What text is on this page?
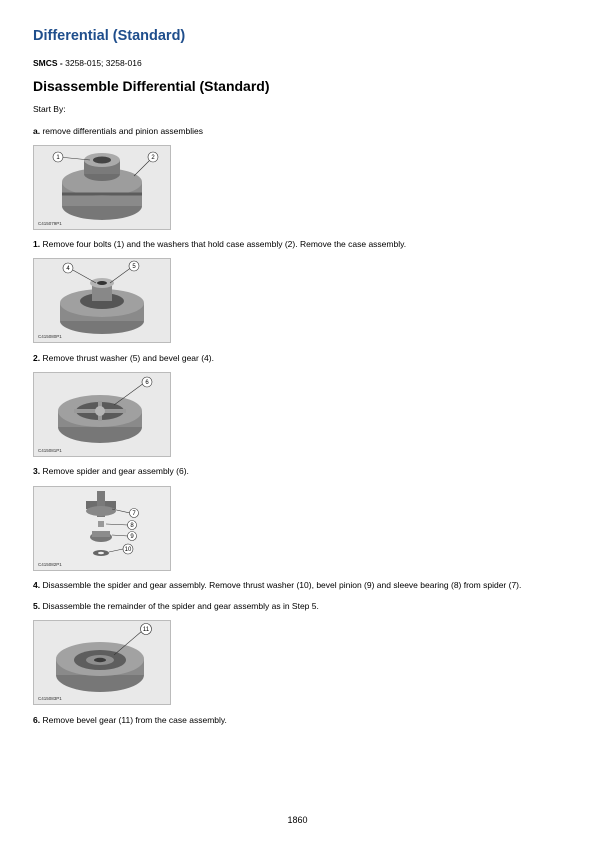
Differential (Standard)
SMCS - 3258-015; 3258-016
Disassemble Differential (Standard)
Start By:
a. remove differentials and pinion assemblies
1	2
C415079P1
1. Remove four bolts (1) and the washers that hold case assembly (2). Remove the case assembly.
4	5
C415080P1
2. Remove thrust washer (5) and bevel gear (4).
6
C415081P1
3. Remove spider and gear assembly (6).
7
8
9
10
C415082P1
4. Disassemble the spider and gear assembly. Remove thrust washer (10), bevel pinion (9) and sleeve bearing (8) from spider (7).
5. Disassemble the remainder of the spider and gear assembly as in Step 5.
11
C415083P1
6. Remove bevel gear (11) from the case assembly.
1860
